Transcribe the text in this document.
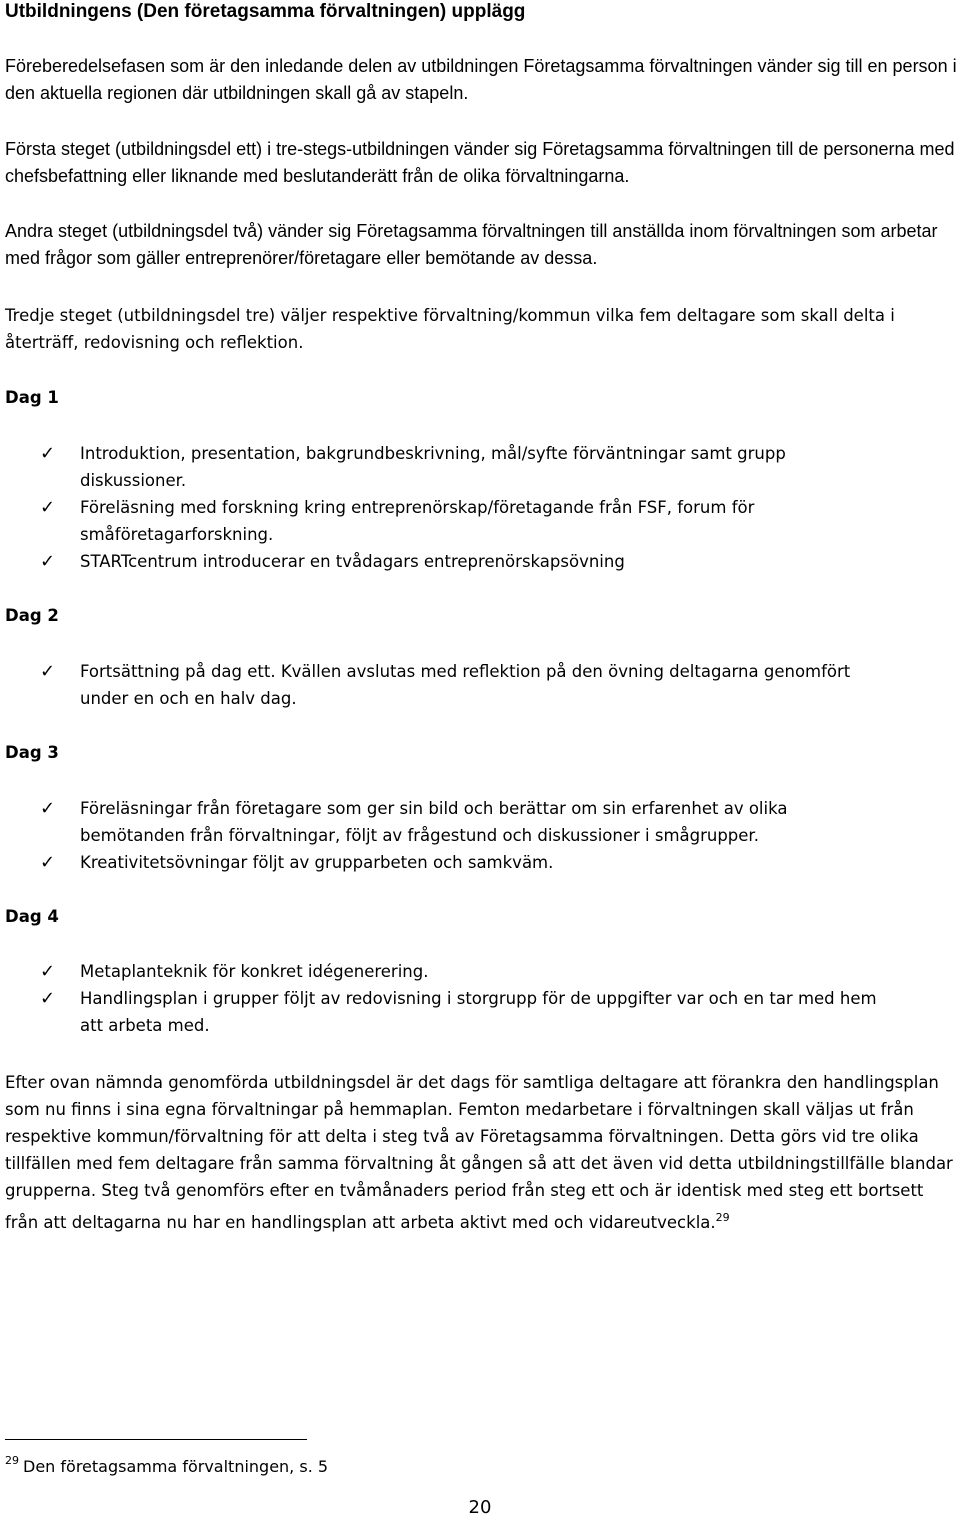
Utbildningens (Den företagsamma förvaltningen) upplägg
Föreberedelsefasen som är den inledande delen av utbildningen Företagsamma förvaltningen vänder sig till en person i den aktuella regionen där utbildningen skall gå av stapeln.
Första steget (utbildningsdel ett) i tre-stegs-utbildningen vänder sig Företagsamma förvaltningen till de personerna med chefsbefattning eller liknande med beslutanderätt från de olika förvaltningarna.
Andra steget (utbildningsdel två) vänder sig Företagsamma förvaltningen till anställda inom förvaltningen som arbetar med frågor som gäller entreprenörer/företagare eller bemötande av dessa.
Tredje steget (utbildningsdel tre) väljer respektive förvaltning/kommun vilka fem deltagare som skall delta i återträff, redovisning och reflektion.
Dag 1
✓ Introduktion, presentation, bakgrundbeskrivning, mål/syfte förväntningar samt grupp diskussioner.
✓ Föreläsning med forskning kring entreprenörskap/företagande från FSF, forum för småföretagarforskning.
✓ STARTcentrum introducerar en tvådagars entreprenörskapsövning
Dag 2
✓ Fortsättning på dag ett. Kvällen avslutas med reflektion på den övning deltagarna genomfört under en och en halv dag.
Dag 3
✓ Föreläsningar från företagare som ger sin bild och berättar om sin erfarenhet av olika bemötanden från förvaltningar, följt av frågestund och diskussioner i smågrupper.
✓ Kreativitetsövningar följt av grupparbeten och samkväm.
Dag 4
✓ Metaplanteknik för konkret idégenerering.
✓ Handlingsplan i grupper följt av redovisning i storgrupp för de uppgifter var och en tar med hem att arbeta med.
Efter ovan nämnda genomförda utbildningsdel är det dags för samtliga deltagare att förankra den handlingsplan som nu finns i sina egna förvaltningar på hemmaplan. Femton medarbetare i förvaltningen skall väljas ut från respektive kommun/förvaltning för att delta i steg två av Företagsamma förvaltningen. Detta görs vid tre olika tillfällen med fem deltagare från samma förvaltning åt gången så att det även vid detta utbildningstillfälle blandar grupperna. Steg två genomförs efter en tvåmånaders period från steg ett och är identisk med steg ett bortsett från att deltagarna nu har en handlingsplan att arbeta aktivt med och vidareutveckla.$^{29}$
$^{29}$ Den företagsamma förvaltningen, s. 5
20
